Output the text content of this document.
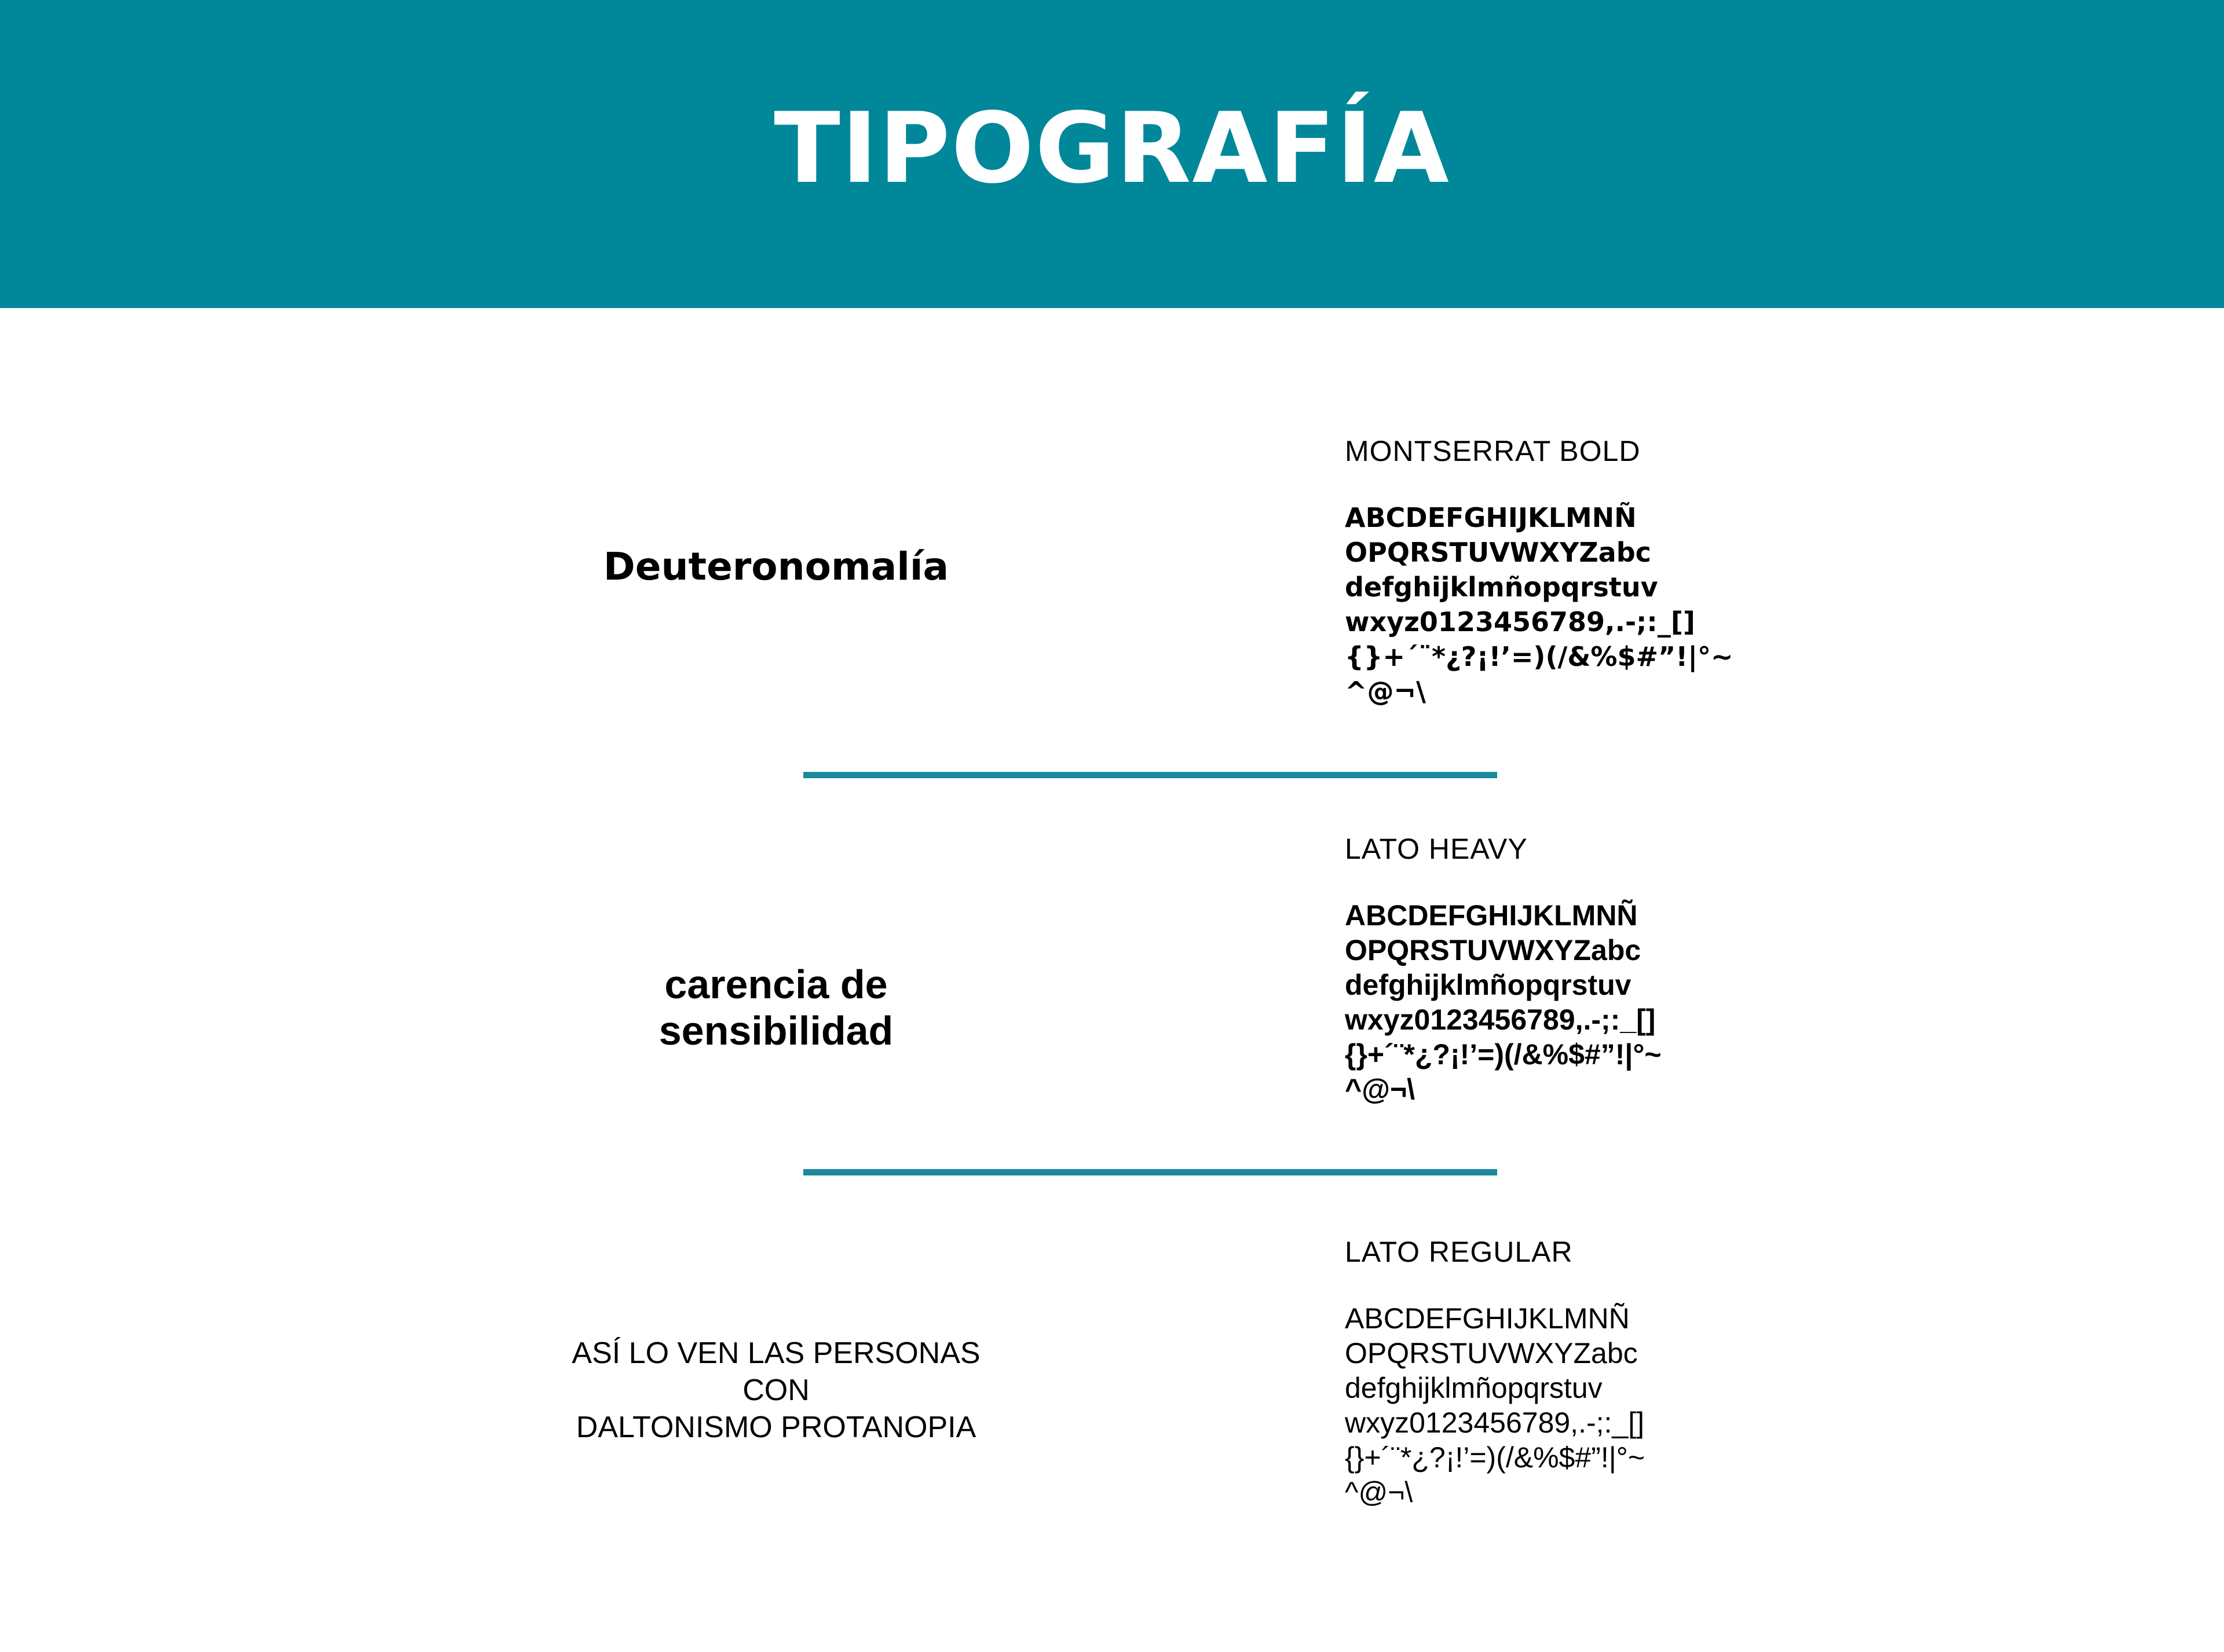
TIPOGRAFÍA
Deuteronomalía
carencia de sensibilidad
ASÍ LO VEN LAS PERSONAS CON
DALTONISMO PROTANOPIA
MONTSERRAT BOLD
ABCDEFGHIJKLMNÑ
OPQRSTUVWXYZabc
defghijklmñopqrstuv
wxyz0123456789,.-;:_[]
{}+´¨*¿?¡!’=)(/&%$#”!|°~
^@¬\
LATO HEAVY
ABCDEFGHIJKLMNÑ
OPQRSTUVWXYZabc
defghijklmñopqrstuv
wxyz0123456789,.-;:_[]
{}+´¨*¿?¡!’=)(/&%$#”!|°~
^@¬\
LATO REGULAR
ABCDEFGHIJKLMNÑ
OPQRSTUVWXYZabc
defghijklmñopqrstuv
wxyz0123456789,.-;:_[]
{}+´¨*¿?¡!’=)(/&%$#”!|°~
^@¬\
